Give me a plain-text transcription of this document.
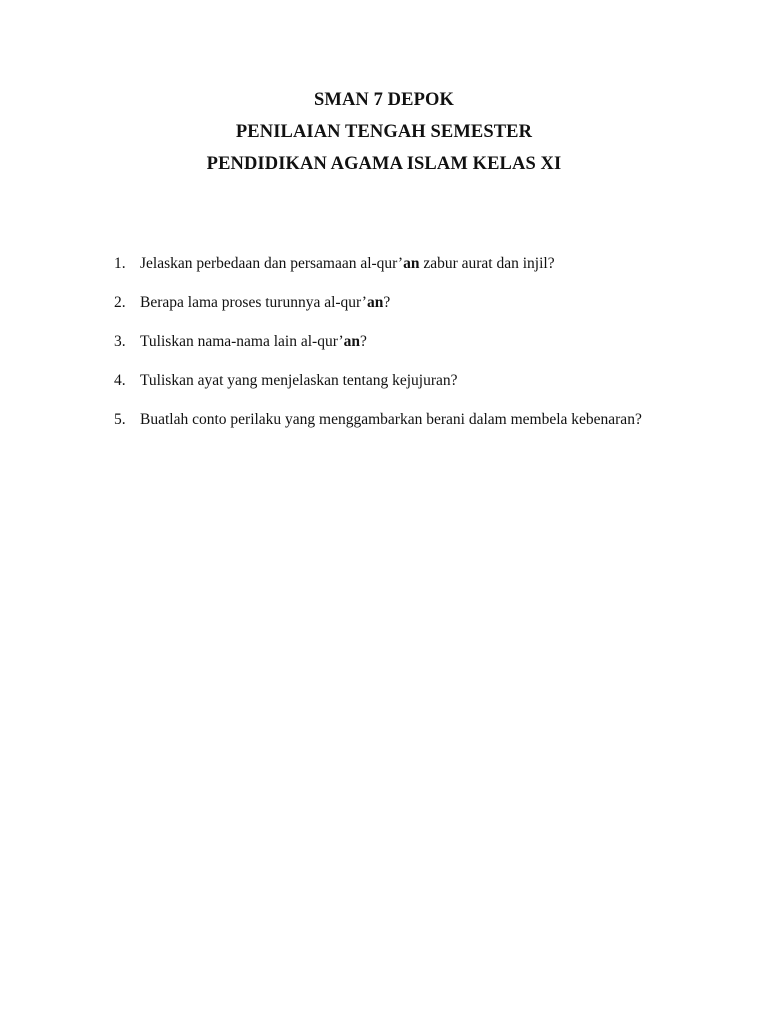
SMAN 7 DEPOK

PENILAIAN TENGAH SEMESTER

PENDIDIKAN AGAMA ISLAM KELAS XI

1. Jelaskan perbedaan dan persamaan al-qur’an zabur aurat dan injil?
2. Berapa lama proses turunnya al-qur’an?
3. Tuliskan nama-nama lain al-qur’an?
4. Tuliskan ayat yang menjelaskan tentang kejujuran?
5. Buatlah conto perilaku yang menggambarkan berani dalam membela kebenaran?
